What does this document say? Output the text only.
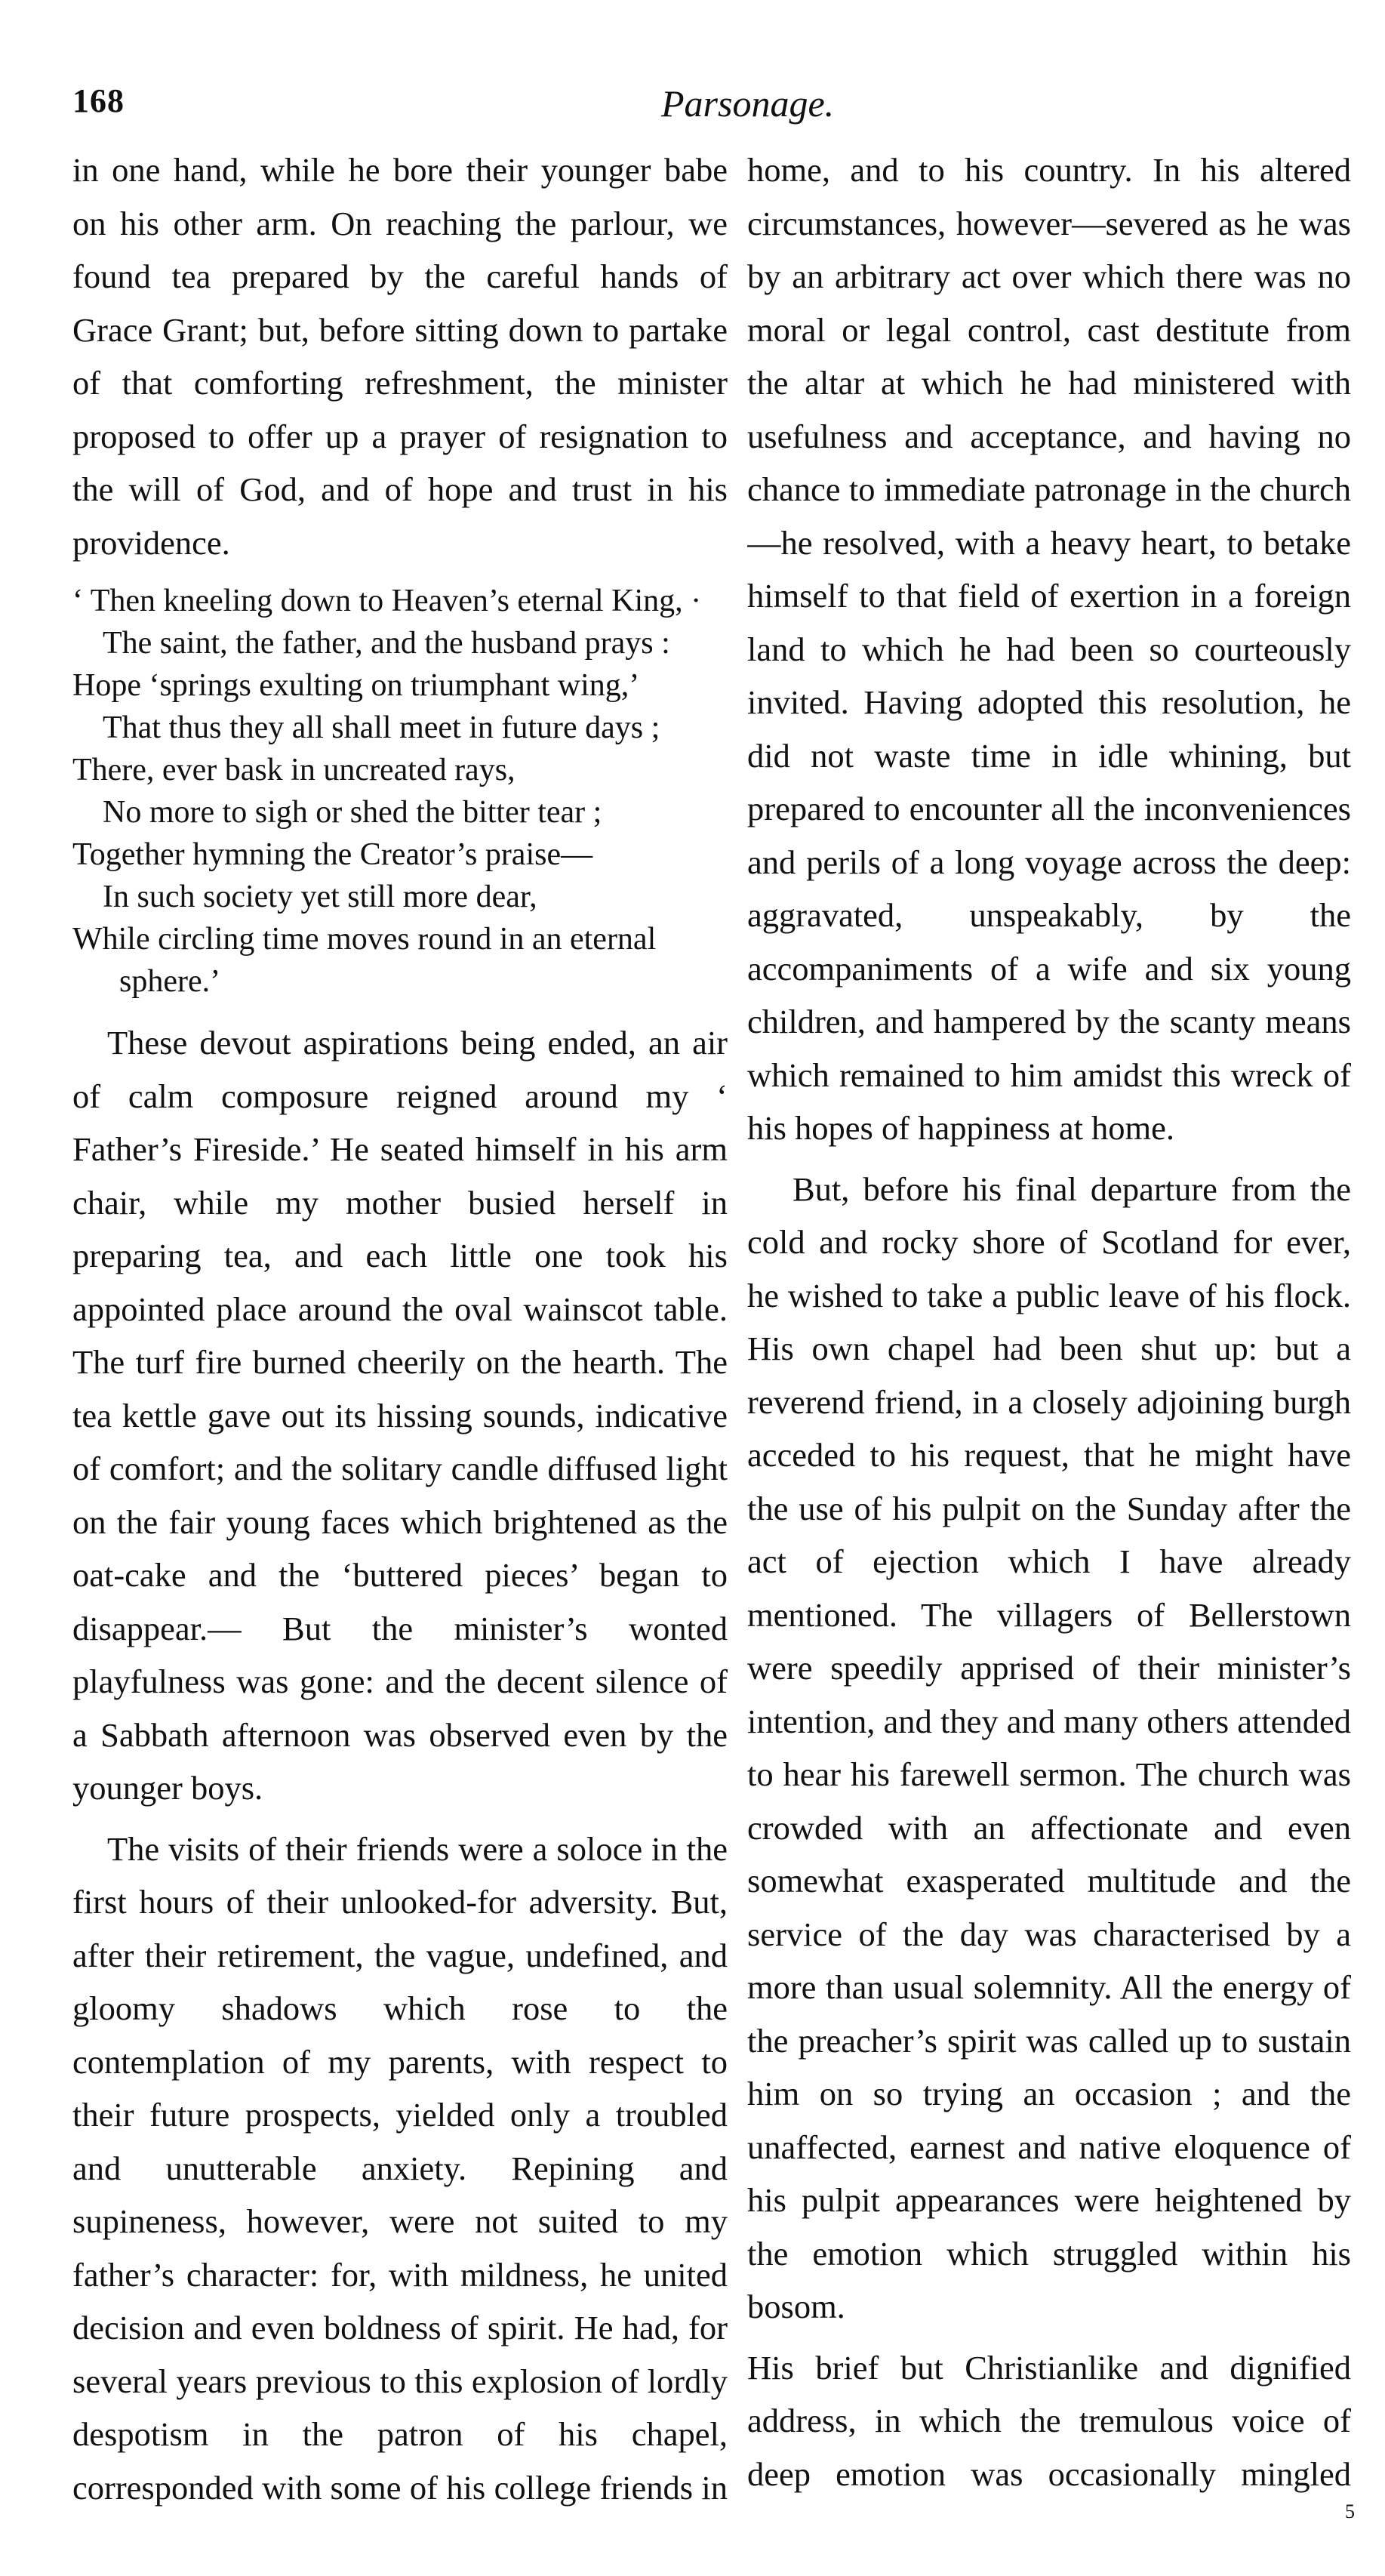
168	Parsonage.

in one hand, while he bore their younger babe on his other arm. On reaching the parlour, we found tea prepared by the careful hands of Grace Grant; but, before sitting down to partake of that comforting refreshment, the minister proposed to offer up a prayer of resignation to the will of God, and of hope and trust in his providence.

‘ Then kneeling down to Heaven’s eternal King, ·

The saint, the father, and the husband prays :

Hope ‘springs exulting on triumphant wing,’

That thus they all shall meet in future days ;

There, ever bask in uncreated rays,

No more to sigh or shed the bitter tear ;

Together hymning the Creator’s praise—

In such society yet still more dear,

While circling time moves round in an eternal sphere.’

These devout aspirations being ended, an air of calm composure reigned around my ‘ Father’s Fireside.’ He seated himself in his arm chair, while my mother busied herself in preparing tea, and each little one took his appointed place around the oval wainscot table. The turf fire burned cheerily on the hearth. The tea kettle gave out its hissing sounds, indicative of comfort; and the solitary candle diffused light on the fair young faces which brightened as the oat-cake and the ‘buttered pieces’ began to disappear.— But the minister’s wonted playfulness was gone: and the decent silence of a Sabbath afternoon was observed even by the younger boys.

The visits of their friends were a soloce in the first hours of their unlooked-for adversity. But, after their retirement, the vague, undefined, and gloomy shadows which rose to the contemplation of my parents, with respect to their future prospects, yielded only a troubled and unutterable anxiety. Repining and supineness, however, were not suited to my father’s character: for, with mildness, he united decision and even boldness of spirit. He had, for several years previous to this explosion of lordly despotism in the patron of his chapel, corresponded with some of his college friends in

home, and to his country. In his altered circumstances, however—severed as he was by an arbitrary act over which there was no moral or legal control, cast destitute from the altar at which he had ministered with usefulness and acceptance, and having no chance to immediate patronage in the church—he resolved, with a heavy heart, to betake himself to that field of exertion in a foreign land to which he had been so courteously invited. Having adopted this resolution, he did not waste time in idle whining, but prepared to encounter all the inconveniences and perils of a long voyage across the deep: aggravated, unspeakably, by the accompaniments of a wife and six young children, and hampered by the scanty means which remained to him amidst this wreck of his hopes of happiness at home.

But, before his final departure from the cold and rocky shore of Scotland for ever, he wished to take a public leave of his flock. His own chapel had been shut up: but a reverend friend, in a closely adjoining burgh acceded to his request, that he might have the use of his pulpit on the Sunday after the act of ejection which I have already mentioned. The villagers of Bellerstown were speedily apprised of their minister’s intention, and they and many others attended to hear his farewell sermon. The church was crowded with an affectionate and even somewhat exasperated multitude and the service of the day was characterised by a more than usual solemnity. All the energy of the preacher’s spirit was called up to sustain him on so trying an occasion ; and the unaffected, earnest and native eloquence of his pulpit appearances were heightened by the emotion which struggled within his bosom.

His brief but Christianlike and dignified address, in which the tremulous voice of deep emotion was occasionally mingled

5
